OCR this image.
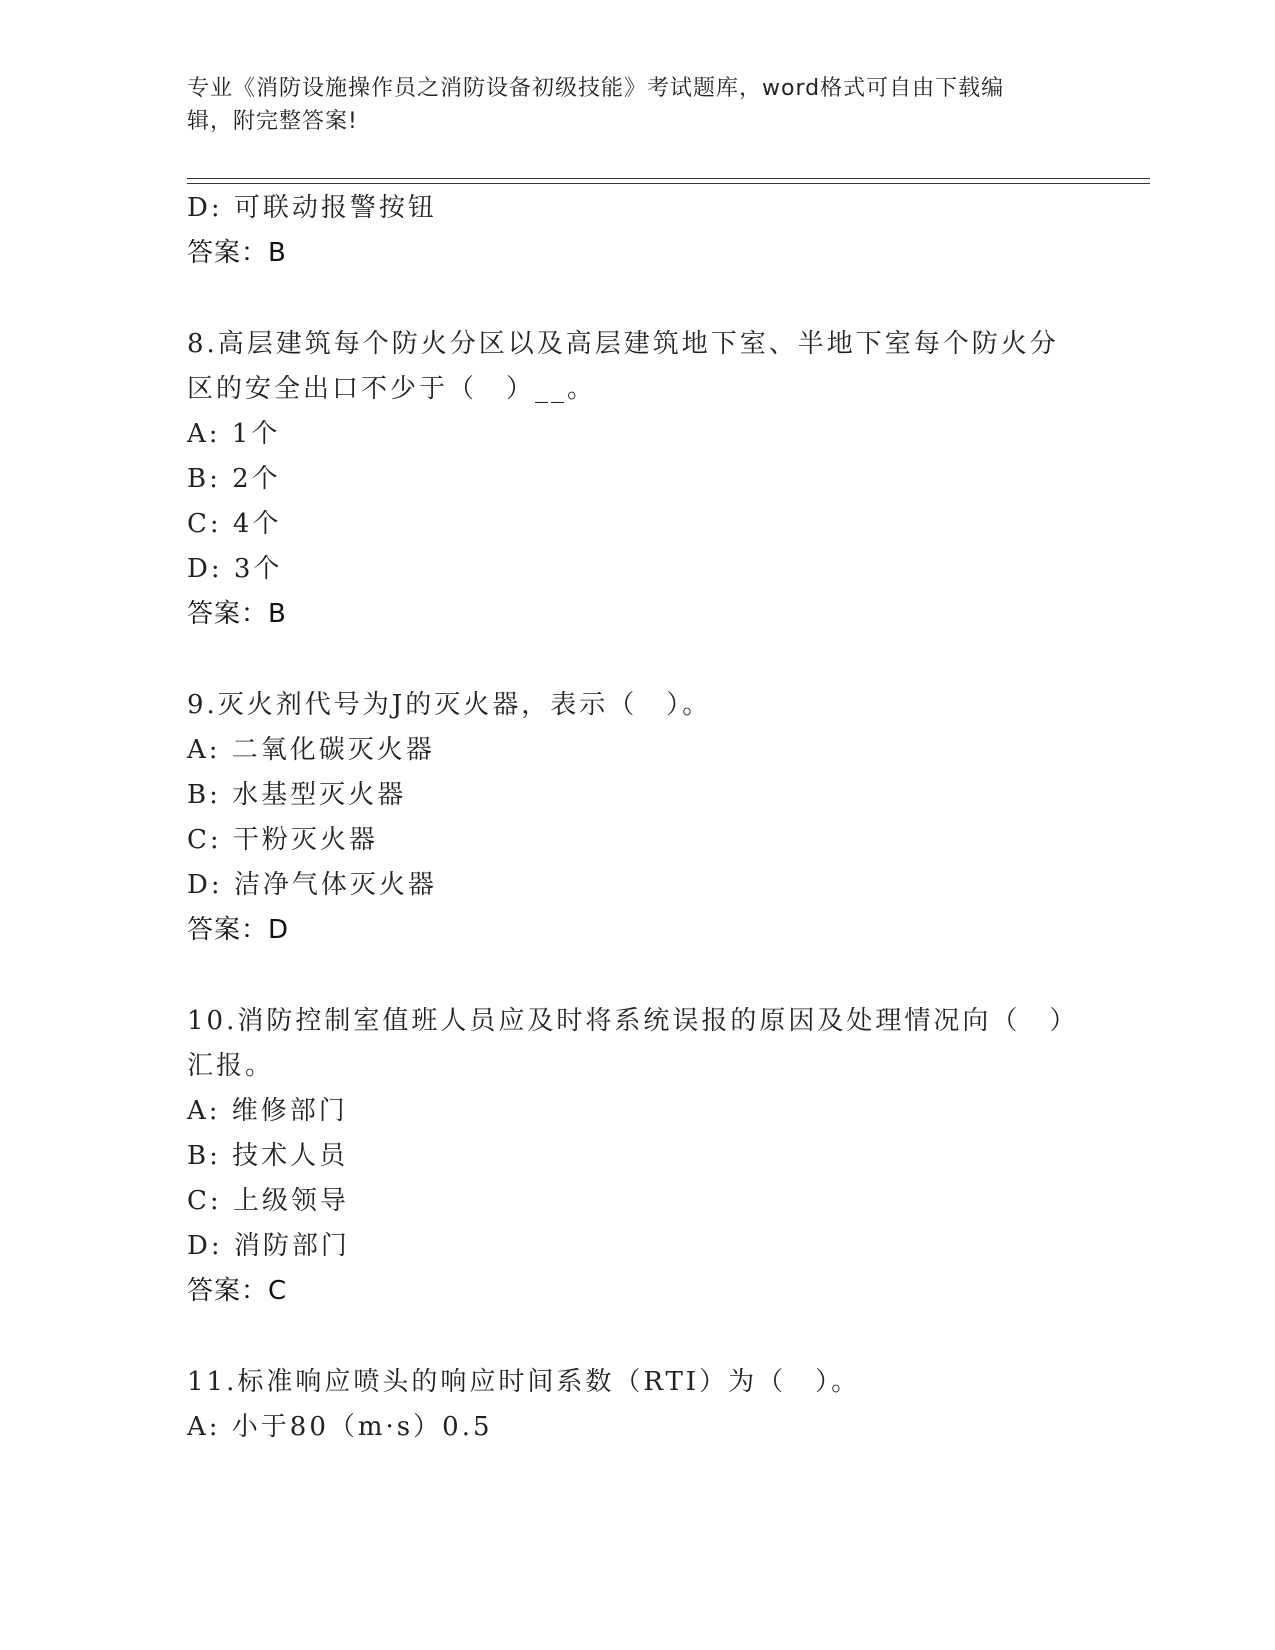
专业《消防设施操作员之消防设备初级技能》考试题库，word格式可自由下载编
辑，附完整答案!
D: 可联动报警按钮
答案：B
8.高层建筑每个防火分区以及高层建筑地下室、半地下室每个防火分
区的安全出口不少于（　）__。
A: 1个
B: 2个
C: 4个
D: 3个
答案：B
9.灭火剂代号为J的灭火器，表示（　）。
A: 二氧化碳灭火器
B: 水基型灭火器
C: 干粉灭火器
D: 洁净气体灭火器
答案：D
10.消防控制室值班人员应及时将系统误报的原因及处理情况向（　）
汇报。
A: 维修部门
B: 技术人员
C: 上级领导
D: 消防部门
答案：C
11.标准响应喷头的响应时间系数（RTI）为（　）。
A: 小于80（m·s）0.5
